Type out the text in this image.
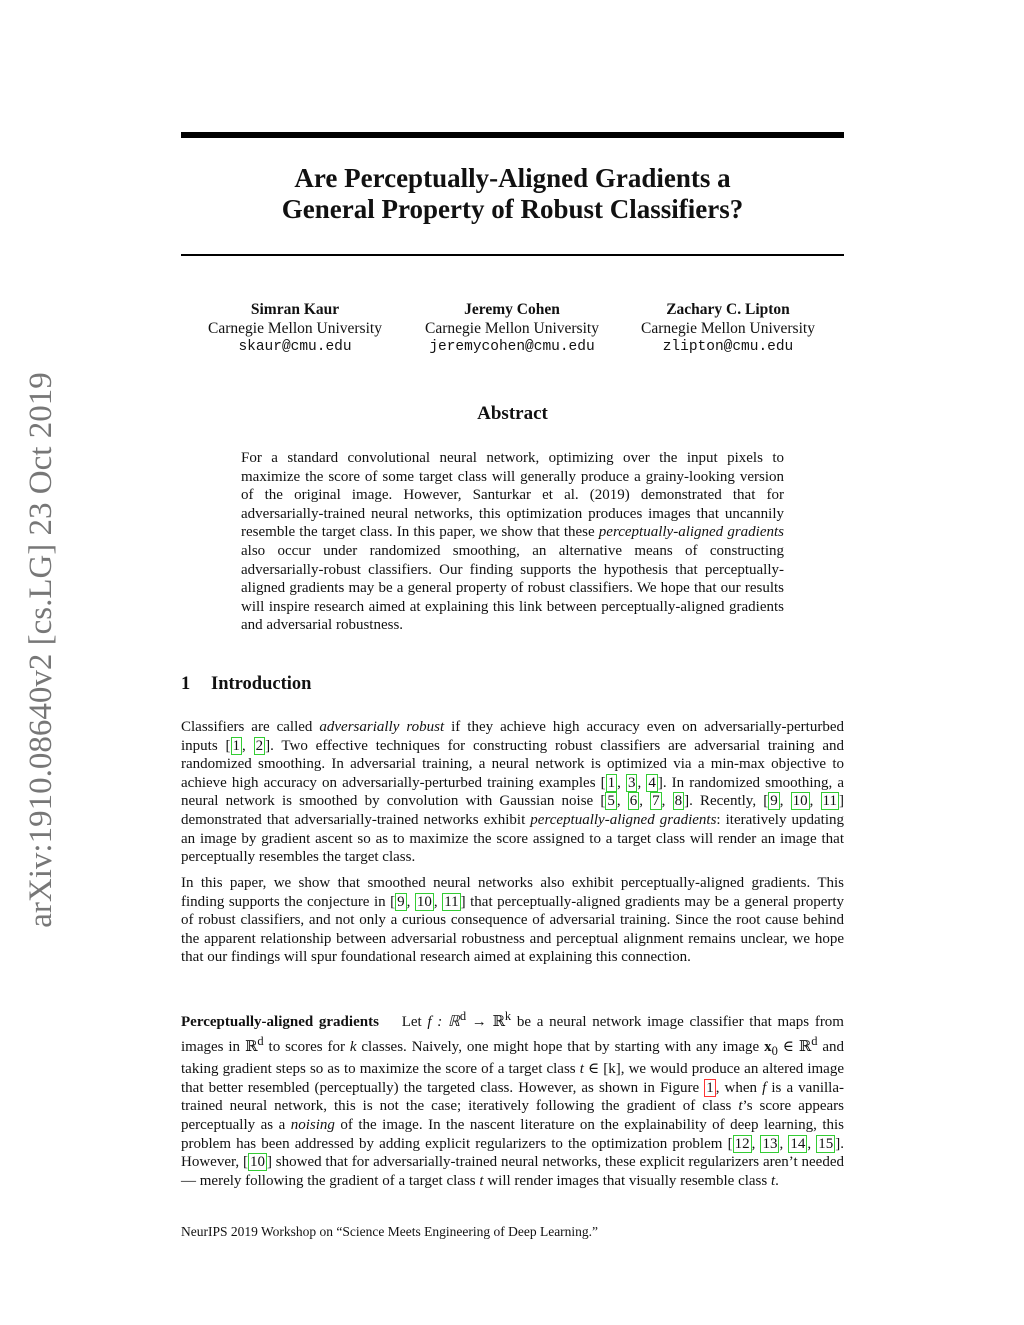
arXiv:1910.08640v2 [cs.LG] 23 Oct 2019
Are Perceptually-Aligned Gradients a
General Property of Robust Classifiers?
Simran Kaur
Carnegie Mellon University
skaur@cmu.edu
Jeremy Cohen
Carnegie Mellon University
jeremycohen@cmu.edu
Zachary C. Lipton
Carnegie Mellon University
zlipton@cmu.edu
Abstract
For a standard convolutional neural network, optimizing over the input pixels to maximize the score of some target class will generally produce a grainy-looking version of the original image. However, Santurkar et al. (2019) demonstrated that for adversarially-trained neural networks, this optimization produces images that uncannily resemble the target class. In this paper, we show that these perceptually-aligned gradients also occur under randomized smoothing, an alternative means of constructing adversarially-robust classifiers. Our finding supports the hypothesis that perceptually-aligned gradients may be a general property of robust classifiers. We hope that our results will inspire research aimed at explaining this link between perceptually-aligned gradients and adversarial robustness.
1 Introduction
Classifiers are called adversarially robust if they achieve high accuracy even on adversarially-perturbed inputs [ 1 , 2 ]. Two effective techniques for constructing robust classifiers are adversarial training and randomized smoothing. In adversarial training, a neural network is optimized via a min-max objective to achieve high accuracy on adversarially-perturbed training examples [ 1 , 3 , 4 ]. In randomized smoothing, a neural network is smoothed by convolution with Gaussian noise [ 5 , 6 , 7 , 8 ]. Recently, [ 9 , 10 , 11 ] demonstrated that adversarially-trained networks exhibit perceptually-aligned gradients: iteratively updating an image by gradient ascent so as to maximize the score assigned to a target class will render an image that perceptually resembles the target class.
In this paper, we show that smoothed neural networks also exhibit perceptually-aligned gradients. This finding supports the conjecture in [ 9 , 10 , 11 ] that perceptually-aligned gradients may be a general property of robust classifiers, and not only a curious consequence of adversarial training. Since the root cause behind the apparent relationship between adversarial robustness and perceptual alignment remains unclear, we hope that our findings will spur foundational research aimed at explaining this connection.
Perceptually-aligned gradients Let f : ℝ$^d$ → ℝ$^k$ be a neural network image classifier that maps from images in ℝ$^d$ to scores for k classes. Naively, one might hope that by starting with any image $x_0$ ∈ ℝ$^d$ and taking gradient steps so as to maximize the score of a target class t ∈ [k], we would produce an altered image that better resembled (perceptually) the targeted class. However, as shown in Figure 1 , when f is a vanilla-trained neural network, this is not the case; iteratively following the gradient of class t’s score appears perceptually as a noising of the image. In the nascent literature on the explainability of deep learning, this problem has been addressed by adding explicit regularizers to the optimization problem [ 12 , 13 , 14 , 15 ]. However, [ 10 ] showed that for adversarially-trained neural networks, these explicit regularizers aren’t needed — merely following the gradient of a target class t will render images that visually resemble class t.
NeurIPS 2019 Workshop on “Science Meets Engineering of Deep Learning.”
